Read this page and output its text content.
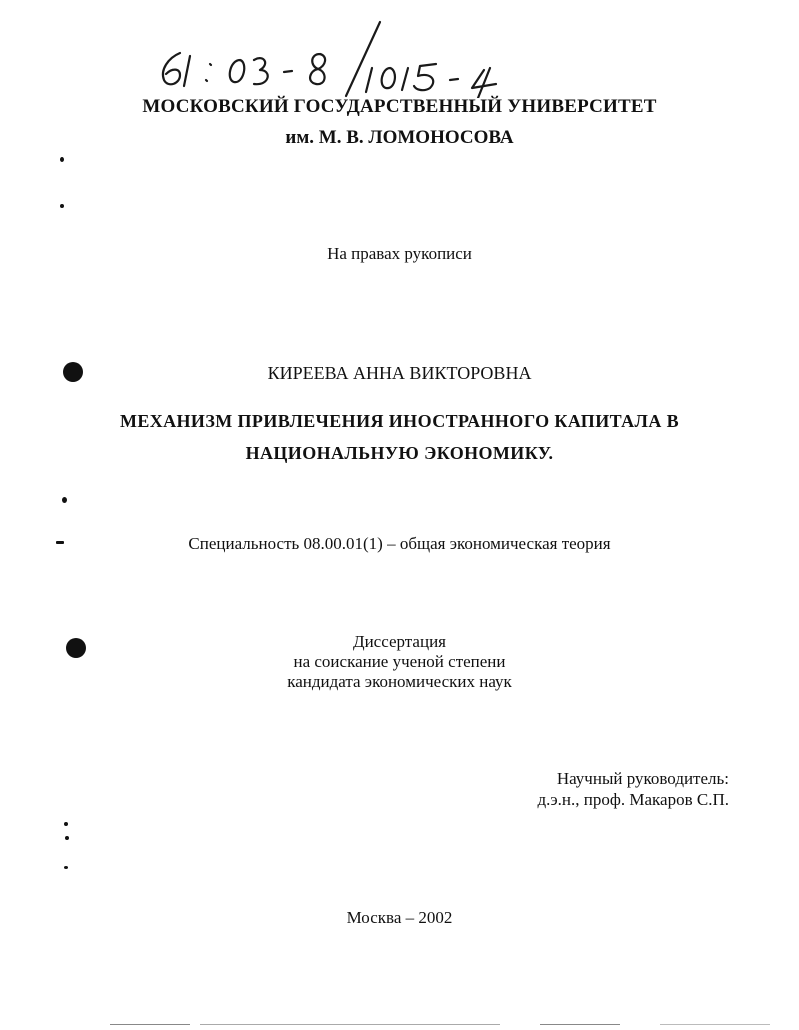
МОСКОВСКИЙ ГОСУДАРСТВЕННЫЙ УНИВЕРСИТЕТ
им. М. В. ЛОМОНОСОВА
На правах рукописи
КИРЕЕВА АННА ВИКТОРОВНА
МЕХАНИЗМ ПРИВЛЕЧЕНИЯ ИНОСТРАННОГО КАПИТАЛА В
НАЦИОНАЛЬНУЮ ЭКОНОМИКУ.
Специальность 08.00.01(1) – общая экономическая теория
Диссертация
на соискание ученой степени
кандидата экономических наук
Научный руководитель:
д.э.н., проф. Макаров С.П.
Москва – 2002
